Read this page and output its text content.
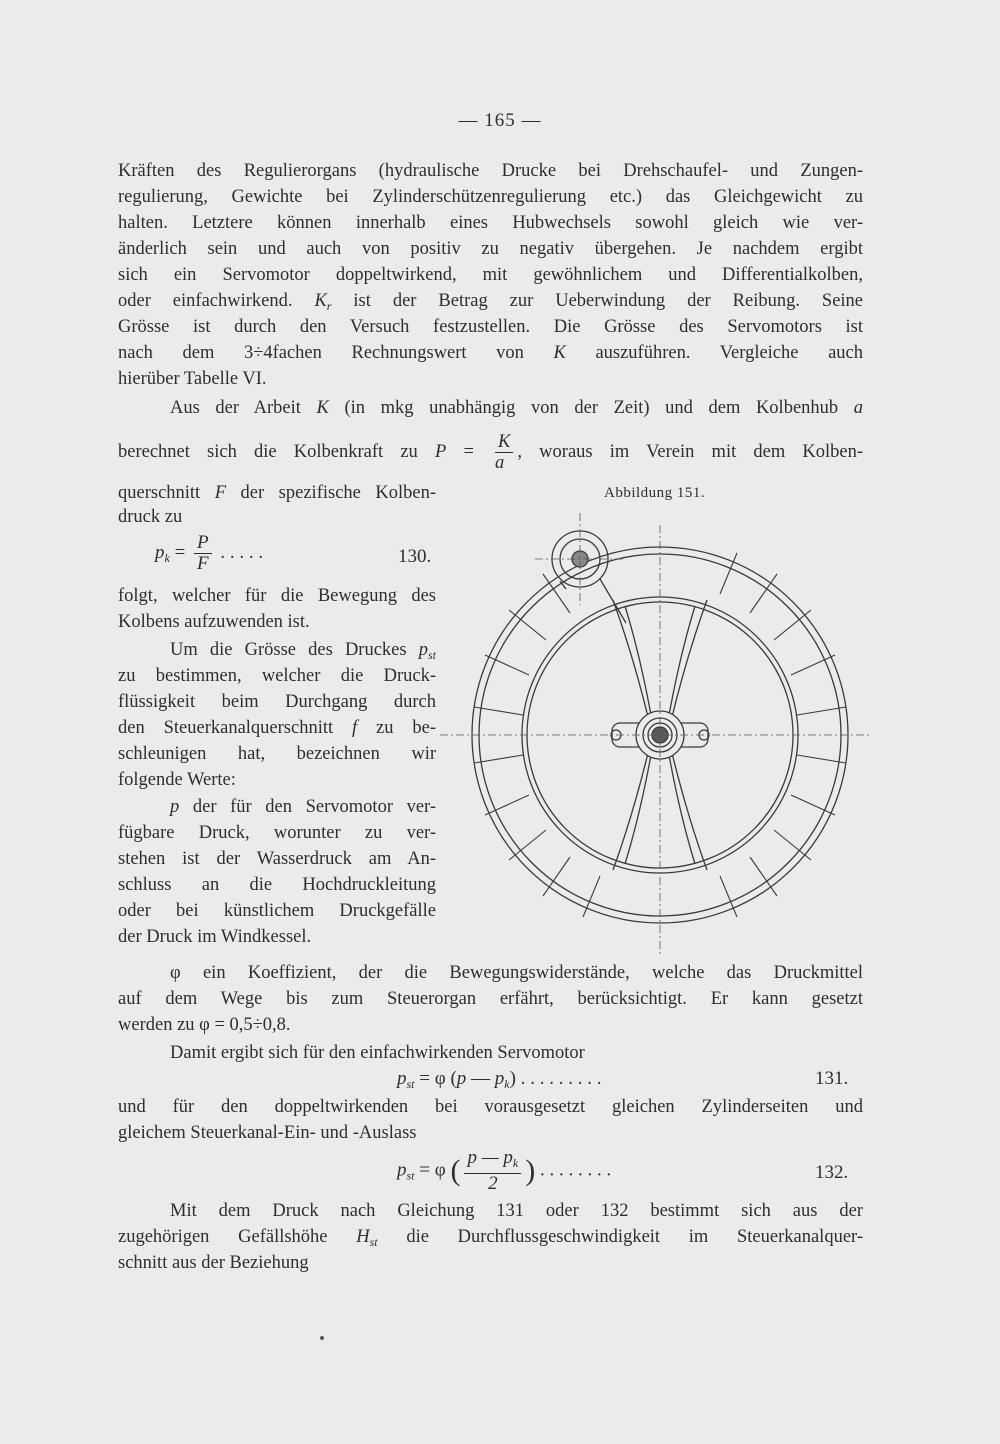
— 165 —
Kräften des Regulierorgans (hydraulische Drucke bei Drehschaufel- und Zungen-
regulierung, Gewichte bei Zylinderschützenregulierung etc.) das Gleichgewicht zu
halten. Letztere können innerhalb eines Hubwechsels sowohl gleich wie ver-
änderlich sein und auch von positiv zu negativ übergehen. Je nachdem ergibt
sich ein Servomotor doppeltwirkend, mit gewöhnlichem und Differentialkolben,
oder einfachwirkend. $K_r$ ist der Betrag zur Ueberwindung der Reibung. Seine
Grösse ist durch den Versuch festzustellen. Die Grösse des Servomotors ist
nach dem 3÷4fachen Rechnungswert von K auszuführen. Vergleiche auch
hierüber Tabelle VI.
Aus der Arbeit K (in mkg unabhängig von der Zeit) und dem Kolbenhub a
berechnet sich die Kolbenkraft zu $P = \frac{K}{a}$ , woraus im Verein mit dem Kolben-
querschnitt F der spezifische Kolben-
druck zu
$p_k = \frac{P}{F}$ . . . . .	130.
folgt, welcher für die Bewegung des
Kolbens aufzuwenden ist.
Um die Grösse des Druckes $p_{st}$
zu bestimmen, welcher die Druck-
flüssigkeit beim Durchgang durch
den Steuerkanalquerschnitt f zu be-
schleunigen hat, bezeichnen wir
folgende Werte:
p der für den Servomotor ver-
fügbare Druck, worunter zu ver-
stehen ist der Wasserdruck am An-
schluss an die Hochdruckleitung
oder bei künstlichem Druckgefälle
der Druck im Windkessel.
Abbildung 151.
φ ein Koeffizient, der die Bewegungswiderstände, welche das Druckmittel
auf dem Wege bis zum Steuerorgan erfährt, berücksichtigt. Er kann gesetzt
werden zu φ = 0,5÷0,8.
Damit ergibt sich für den einfachwirkenden Servomotor
$p_{st} = \varphi$ (p — $p_k$) . . . . . . . . .	131.
und für den doppeltwirkenden bei vorausgesetzt gleichen Zylinderseiten und
gleichem Steuerkanal-Ein- und -Auslass
$p_{st} = \varphi$ ( $\frac{p — p_k}{2}$ ) . . . . . . . .	132.
Mit dem Druck nach Gleichung 131 oder 132 bestimmt sich aus der
zugehörigen Gefällshöhe $H_{st}$ die Durchflussgeschwindigkeit im Steuerkanalquer-
schnitt aus der Beziehung
